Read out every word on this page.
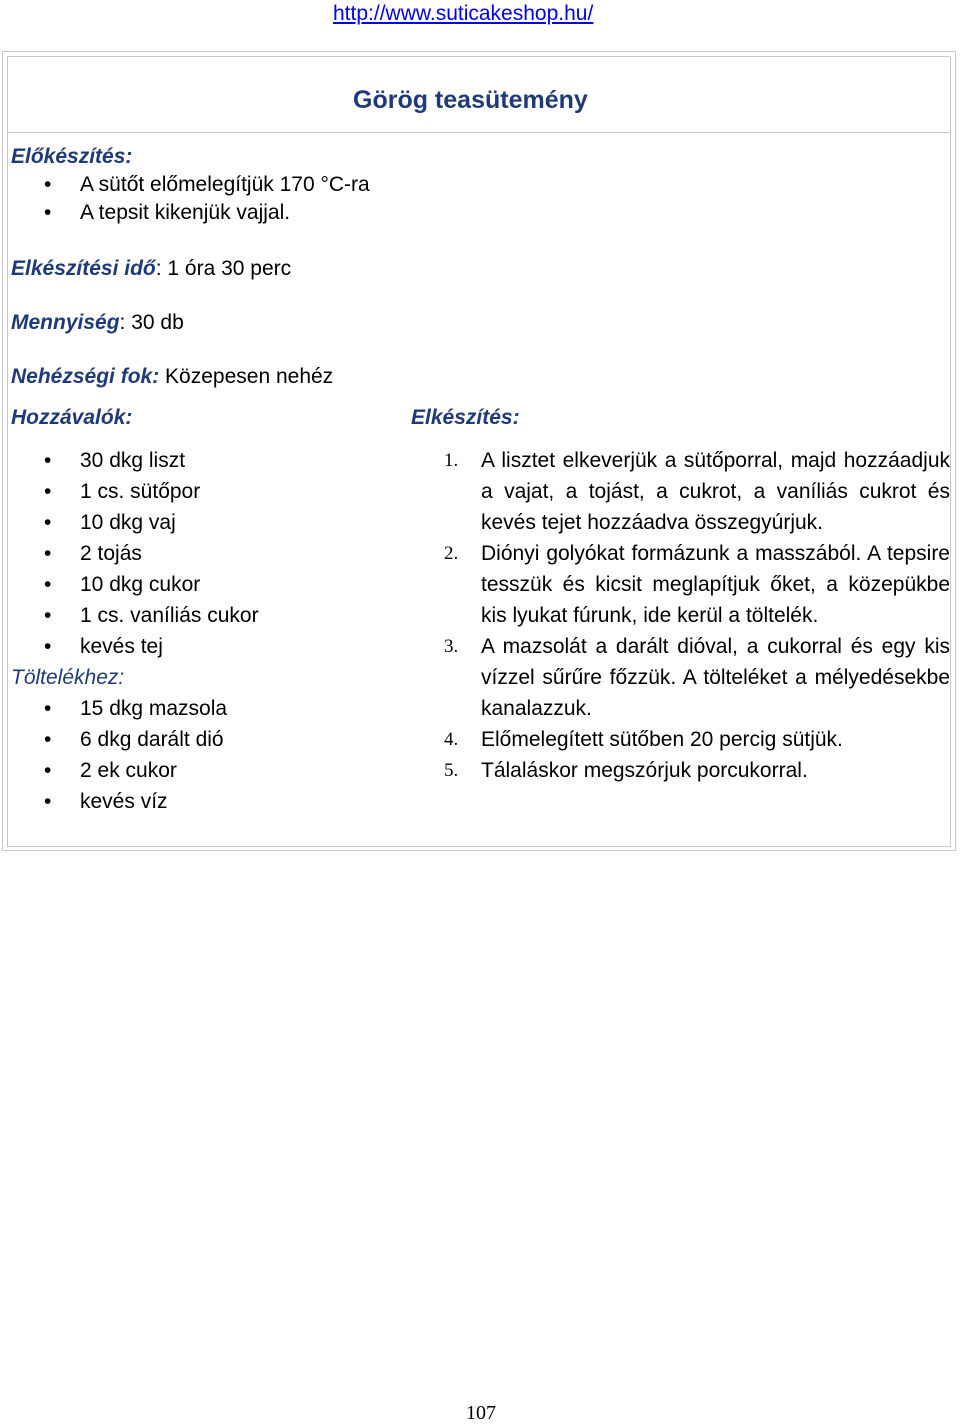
http://www.suticakeshop.hu/
Görög teasütemény
Előkészítés:
• A sütőt előmelegítjük 170 °C-ra
• A tepsit kikenjük vajjal.
Elkészítési idő: 1 óra 30 perc
Mennyiség: 30 db
Nehézségi fok: Közepesen nehéz
Hozzávalók:
• 30 dkg liszt
• 1 cs. sütőpor
• 10 dkg vaj
• 2 tojás
• 10 dkg cukor
• 1 cs. vaníliás cukor
• kevés tej
Töltelékhez:
• 15 dkg mazsola
• 6 dkg darált dió
• 2 ek cukor
• kevés víz
Elkészítés:
1. A lisztet elkeverjük a sütőporral, majd hozzáadjuk a vajat, a tojást, a cukrot, a vaníliás cukrot és kevés tejet hozzáadva összegyúrjuk.
2. Diónyi golyókat formázunk a masszából. A tepsire tesszük és kicsit meglapítjuk őket, a közepükbe kis lyukat fúrunk, ide kerül a töltelék.
3. A mazsolát a darált dióval, a cukorral és egy kis vízzel sűrűre főzzük. A tölteléket a mélyedésekbe kanalazzuk.
4. Előmelegített sütőben 20 percig sütjük.
5. Tálaláskor megszórjuk porcukorral.
107
